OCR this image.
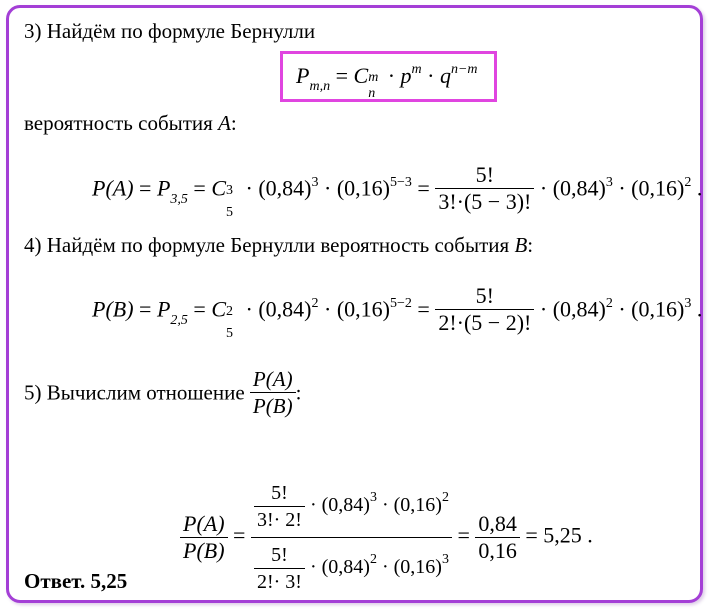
3) Найдём по формуле Бернулли
$P_{m,n} = C$ m
n
· $p^m \cdot q^{n-m}$
вероятность события A:
$P(A) = P_{3,5} = C$ 3
5
· $(0,84)^3 \cdot (0,16)^{5-3} = \frac{5!}{3!\cdot(5 - 3)!} \cdot (0,84)^3 \cdot (0,16)^2$ .
4) Найдём по формуле Бернулли вероятность события B:
$P(B) = P_{2,5} = C$ 2
5
· $(0,84)^2 \cdot (0,16)^{5-2} = \frac{5!}{2!\cdot(5 - 2)!} \cdot (0,84)^2 \cdot (0,16)^3$ .
5) Вычислим отношение $\frac{P(A)}{P(B)}$ :
$\frac{P(A)}{P(B)} = \frac{\frac{5!}{3!\cdot 2!} \cdot (0,84)^3 \cdot (0,16)^2}{\frac{5!}{2!\cdot 3!} \cdot (0,84)^2 \cdot (0,16)^3} = \frac{0,84}{0,16} = 5,25$ .
Ответ. 5,25
